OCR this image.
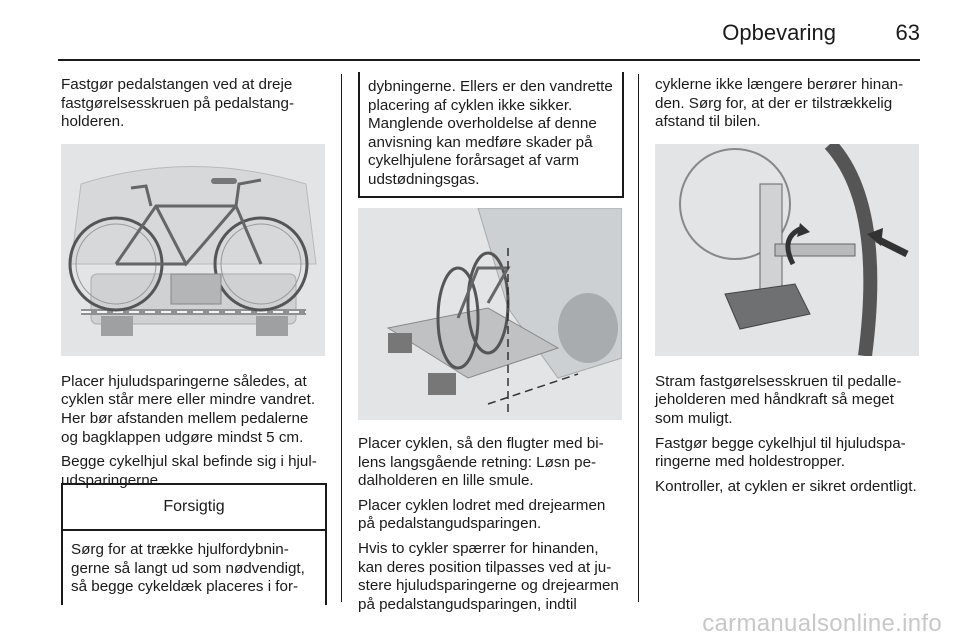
Opbevaring	63

Fastgør pedalstangen ved at dreje fastgørelsesskruen på pedalstangholderen.

Placer hjuludsparingerne således, at cyklen står mere eller mindre vandret. Her bør afstanden mellem pedalerne og bagklappen udgøre mindst 5 cm.

Begge cykelhjul skal befinde sig i hjuludsparingerne.

Forsigtig
Sørg for at trække hjulfordybningerne så langt ud som nødvendigt, så begge cykeldæk placeres i for-
dybningerne. Ellers er den vandrette placering af cyklen ikke sikker. Manglende overholdelse af denne anvisning kan medføre skader på cykelhjulene forårsaget af varm udstødningsgas.

Placer cyklen, så den flugter med bilens langsgående retning: Løsn pedalholderen en lille smule.

Placer cyklen lodret med drejearmen på pedalstangudsparingen.

Hvis to cykler spærrer for hinanden, kan deres position tilpasses ved at justere hjuludsparingerne og drejearmen på pedalstangudsparingen, indtil

cyklerne ikke længere berører hinanden. Sørg for, at der er tilstrækkelig afstand til bilen.

Stram fastgørelsesskruen til pedallejeholderen med håndkraft så meget som muligt.

Fastgør begge cykelhjul til hjuludsparingerne med holdestropper.

Kontroller, at cyklen er sikret ordentligt.

carmanualsonline.info
